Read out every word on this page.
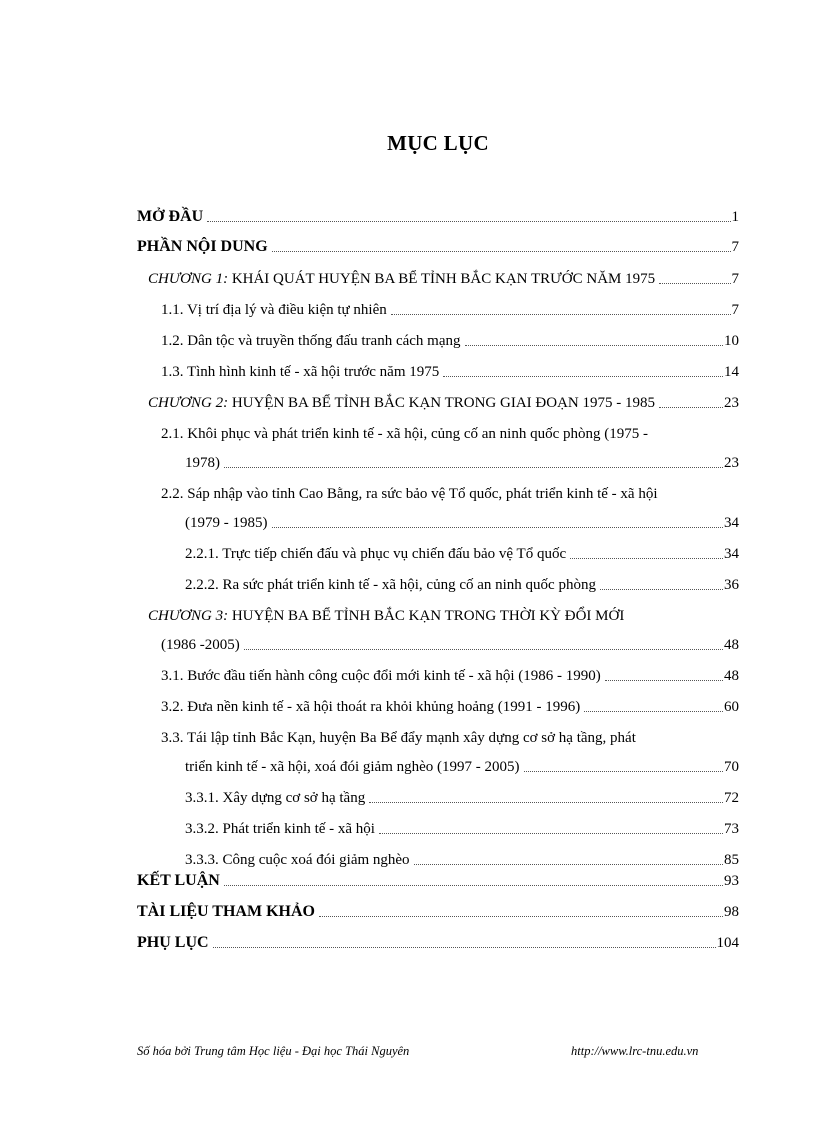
MỤC LỤC
MỞ ĐẦU	1
PHẦN NỘI DUNG	7
CHƯƠNG 1: KHÁI QUÁT HUYỆN BA BỂ TỈNH BẮC KẠN TRƯỚC NĂM 1975	7
1.1. Vị trí địa lý và điều kiện tự nhiên	7
1.2. Dân tộc và truyền thống đấu tranh cách mạng	10
1.3. Tình hình kinh tế - xã hội trước năm 1975	14
CHƯƠNG 2: HUYỆN BA BỂ TỈNH BẮC KẠN TRONG GIAI ĐOẠN 1975 - 1985	23
2.1. Khôi phục và phát triển kinh tế - xã hội, củng cố an ninh quốc phòng (1975 -
1978)	23
2.2. Sáp nhập vào tỉnh Cao Bằng, ra sức bảo vệ Tổ quốc, phát triển kinh tế - xã hội
(1979 - 1985)	34
2.2.1. Trực tiếp chiến đấu và phục vụ chiến đấu bảo vệ Tổ quốc	34
2.2.2. Ra sức phát triển kinh tế - xã hội, củng cố an ninh quốc phòng	36
CHƯƠNG 3: HUYỆN BA BỂ TỈNH BẮC KẠN TRONG THỜI KỲ ĐỔI MỚI
(1986 -2005)	48
3.1. Bước đầu tiến hành công cuộc đổi mới kinh tế - xã hội (1986 - 1990)	48
3.2. Đưa nền kinh tế - xã hội thoát ra khỏi khủng hoảng (1991 - 1996)	60
3.3. Tái lập tỉnh Bắc Kạn, huyện Ba Bể đẩy mạnh xây dựng cơ sở hạ tầng, phát
triển kinh tế - xã hội, xoá đói giảm nghèo (1997 - 2005)	70
3.3.1. Xây dựng cơ sở hạ tầng	72
3.3.2. Phát triển kinh tế - xã hội	73
3.3.3. Công cuộc xoá đói giảm nghèo	85
KẾT LUẬN	93
TÀI LIỆU THAM KHẢO	98
PHỤ LỤC	104
Số hóa bởi Trung tâm Học liệu - Đại học Thái Nguyên	http://www.lrc-tnu.edu.vn
